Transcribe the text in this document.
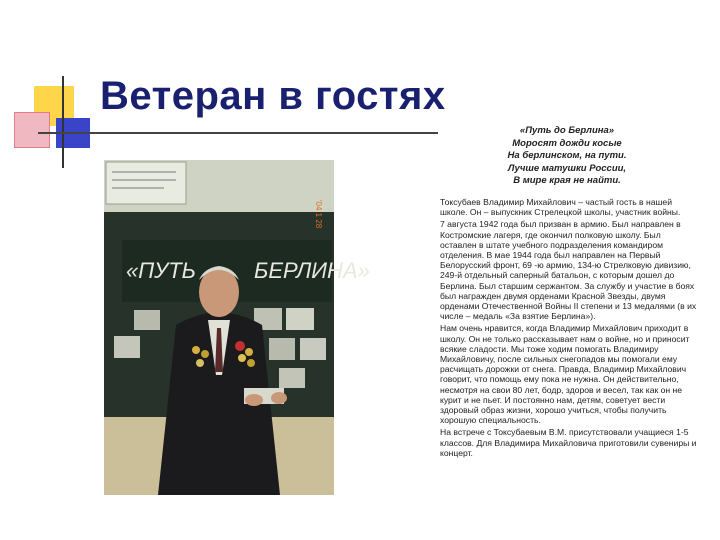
Ветеран в гостях
«ПУТЬ	БЕРЛИНА»
'04 1 28
«Путь до Берлина»
Моросят дожди косые
На берлинском, на пути.
Лучше матушки России,
В мире края не найти.

Токсубаев Владимир Михайлович – частый гость в нашей школе. Он – выпускник Стрелецкой школы, участник войны.

7 августа 1942 года был призван в армию. Был направлен в Костромские лагеря, где окончил полковую школу. Был оставлен в штате учебного подразделения командиром отделения. В мае 1944 года был направлен на Первый Белорусский фронт, 69 -ю армию, 134-ю Стрелковую дивизию, 249-й отдельный саперный батальон, с которым дошел до Берлина. Был старшим сержантом. За службу и участие в боях был награжден двумя орденами Красной Звезды, двумя орденами Отечественной Войны II степени и 13 медалями (в их числе – медаль «За взятие Берлина»).

Нам очень нравится, когда Владимир Михайлович приходит в школу. Он не только рассказывает нам о войне, но и приносит всякие сладости. Мы тоже ходим помогать Владимиру Михайловичу, после сильных снегопадов мы помогали ему расчищать дорожки от снега. Правда, Владимир Михайлович говорит, что помощь ему пока не нужна. Он действительно, несмотря на свои 80 лет, бодр, здоров и весел, так как он не курит и не пьет. И постоянно нам, детям, советует вести здоровый образ жизни, хорошо учиться, чтобы получить хорошую специальность.

На встрече с Токсубаевым В.М. присутствовали учащиеся 1-5 классов. Для Владимира Михайловича приготовили сувениры и концерт.
